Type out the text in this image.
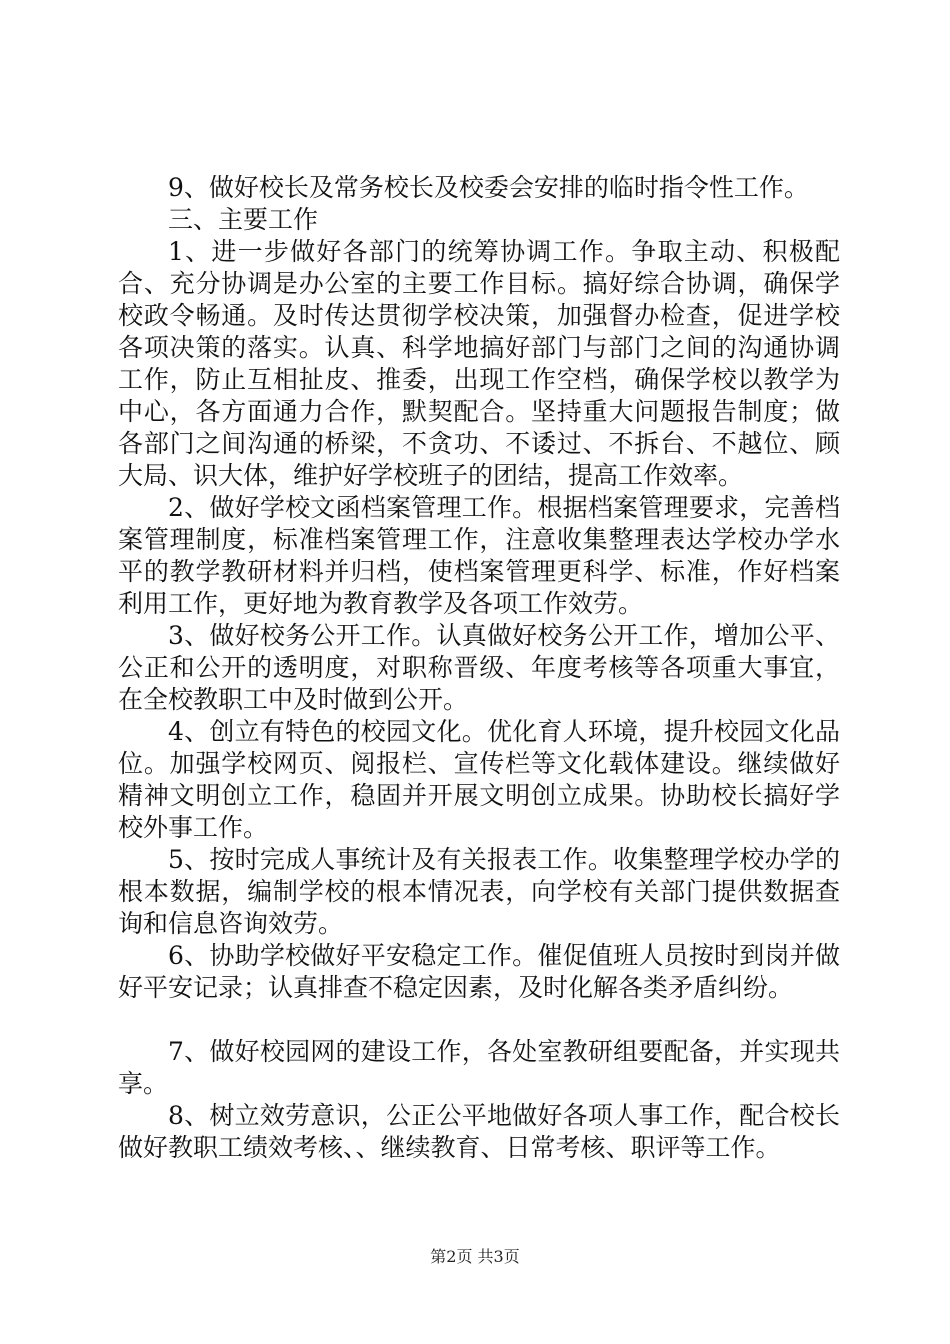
9、做好校长及常务校长及校委会安排的临时指令性工作。

三、主要工作

1、进一步做好各部门的统筹协调工作。争取主动、积极配合、充分协调是办公室的主要工作目标。搞好综合协调，确保学校政令畅通。及时传达贯彻学校决策，加强督办检查，促进学校各项决策的落实。认真、科学地搞好部门与部门之间的沟通协调工作，防止互相扯皮、推委，出现工作空档，确保学校以教学为中心，各方面通力合作，默契配合。坚持重大问题报告制度；做各部门之间沟通的桥梁，不贪功、不诿过、不拆台、不越位、顾大局、识大体，维护好学校班子的团结，提高工作效率。

2、做好学校文函档案管理工作。根据档案管理要求，完善档案管理制度，标准档案管理工作，注意收集整理表达学校办学水平的教学教研材料并归档，使档案管理更科学、标准，作好档案利用工作，更好地为教育教学及各项工作效劳。

3、做好校务公开工作。认真做好校务公开工作，增加公平、公正和公开的透明度，对职称晋级、年度考核等各项重大事宜，在全校教职工中及时做到公开。

4、创立有特色的校园文化。优化育人环境，提升校园文化品位。加强学校网页、阅报栏、宣传栏等文化载体建设。继续做好精神文明创立工作，稳固并开展文明创立成果。协助校长搞好学校外事工作。

5、按时完成人事统计及有关报表工作。收集整理学校办学的根本数据，编制学校的根本情况表，向学校有关部门提供数据查询和信息咨询效劳。

6、协助学校做好平安稳定工作。催促值班人员按时到岗并做好平安记录；认真排查不稳定因素，及时化解各类矛盾纠纷。

7、做好校园网的建设工作，各处室教研组要配备，并实现共享。

8、树立效劳意识，公正公平地做好各项人事工作，配合校长做好教职工绩效考核、、继续教育、日常考核、职评等工作。

第2页 共3页
